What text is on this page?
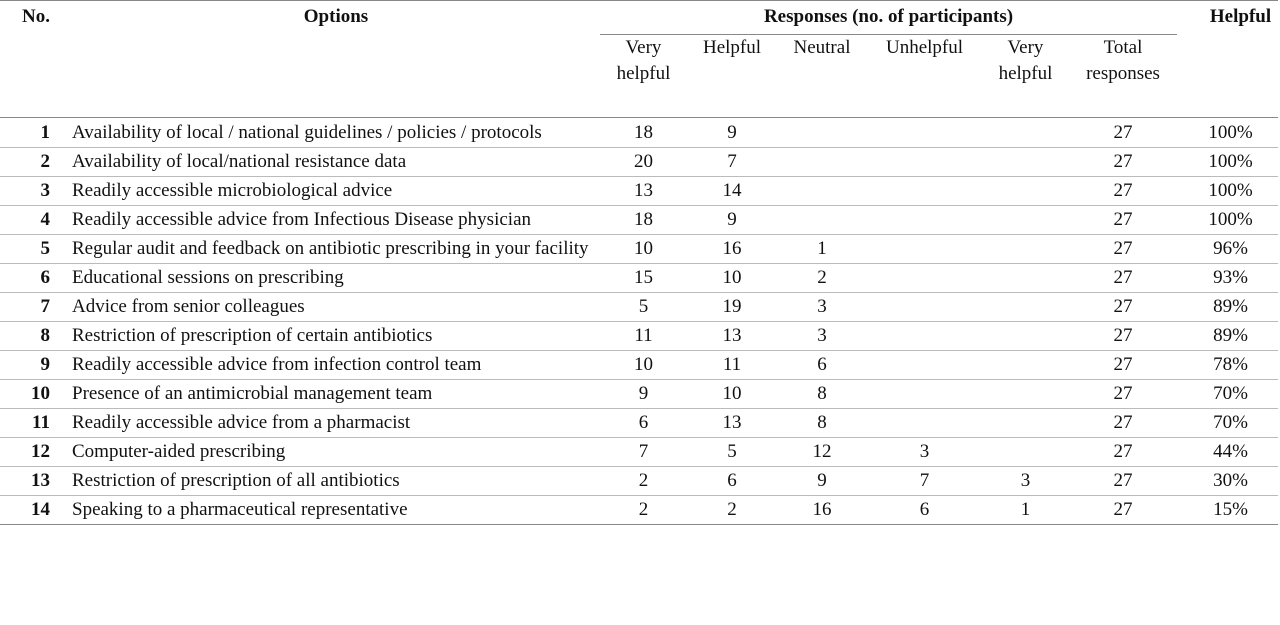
No.	Options	Responses (no. of participants)						Helpful
		Very helpful	Helpful	Neutral	Unhelpful	Very helpful	Total responses	
1	Availability of local / national guidelines / policies / protocols	18	9				27	100%
2	Availability of local/national resistance data	20	7				27	100%
3	Readily accessible microbiological advice	13	14				27	100%
4	Readily accessible advice from Infectious Disease physician	18	9				27	100%
5	Regular audit and feedback on antibiotic prescribing in your facility	10	16	1			27	96%
6	Educational sessions on prescribing	15	10	2			27	93%
7	Advice from senior colleagues	5	19	3			27	89%
8	Restriction of prescription of certain antibiotics	11	13	3			27	89%
9	Readily accessible advice from infection control team	10	11	6			27	78%
10	Presence of an antimicrobial management team	9	10	8			27	70%
11	Readily accessible advice from a pharmacist	6	13	8			27	70%
12	Computer-aided prescribing	7	5	12	3		27	44%
13	Restriction of prescription of all antibiotics	2	6	9	7	3	27	30%
14	Speaking to a pharmaceutical representative	2	2	16	6	1	27	15%
